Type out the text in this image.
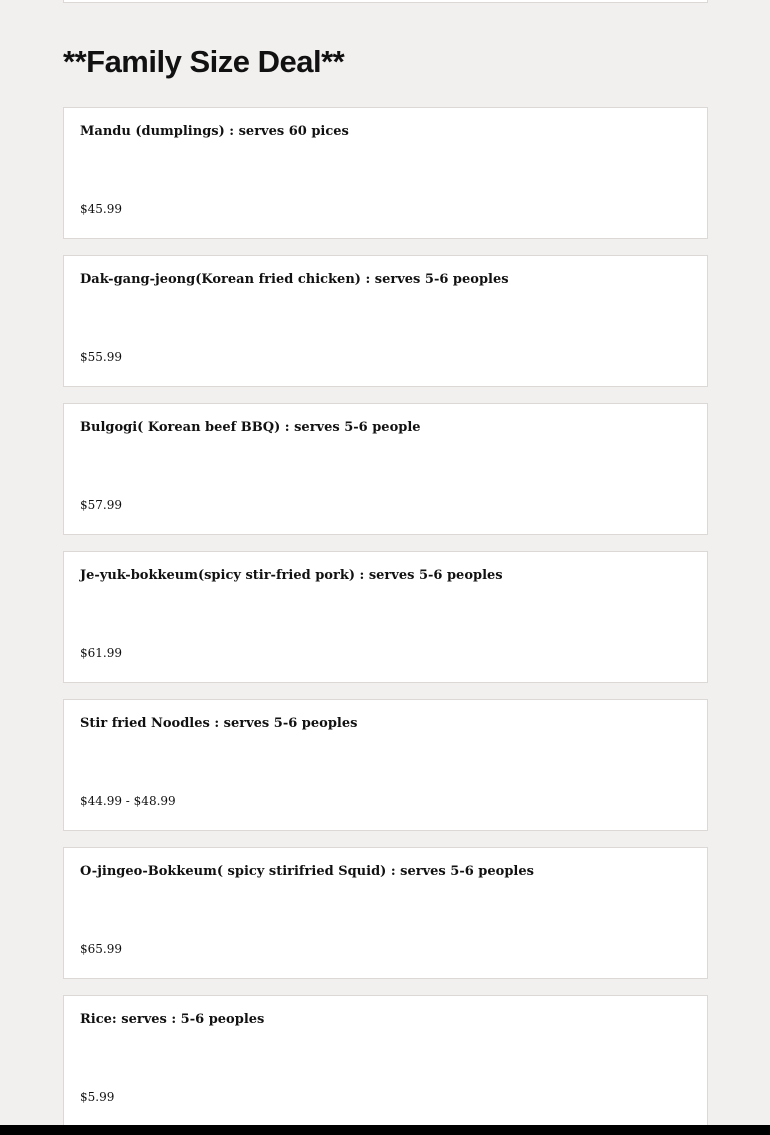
**Family Size Deal**
Mandu (dumplings) : serves 60 pices
$45.99
Dak-gang-jeong(Korean fried chicken) : serves 5-6 peoples
$55.99
Bulgogi( Korean beef BBQ) : serves 5-6 people
$57.99
Je-yuk-bokkeum(spicy stir-fried pork) : serves 5-6 peoples
$61.99
Stir fried Noodles : serves 5-6 peoples
$44.99 - $48.99
O-jingeo-Bokkeum( spicy stirifried Squid) : serves 5-6 peoples
$65.99
Rice: serves : 5-6 peoples
$5.99
